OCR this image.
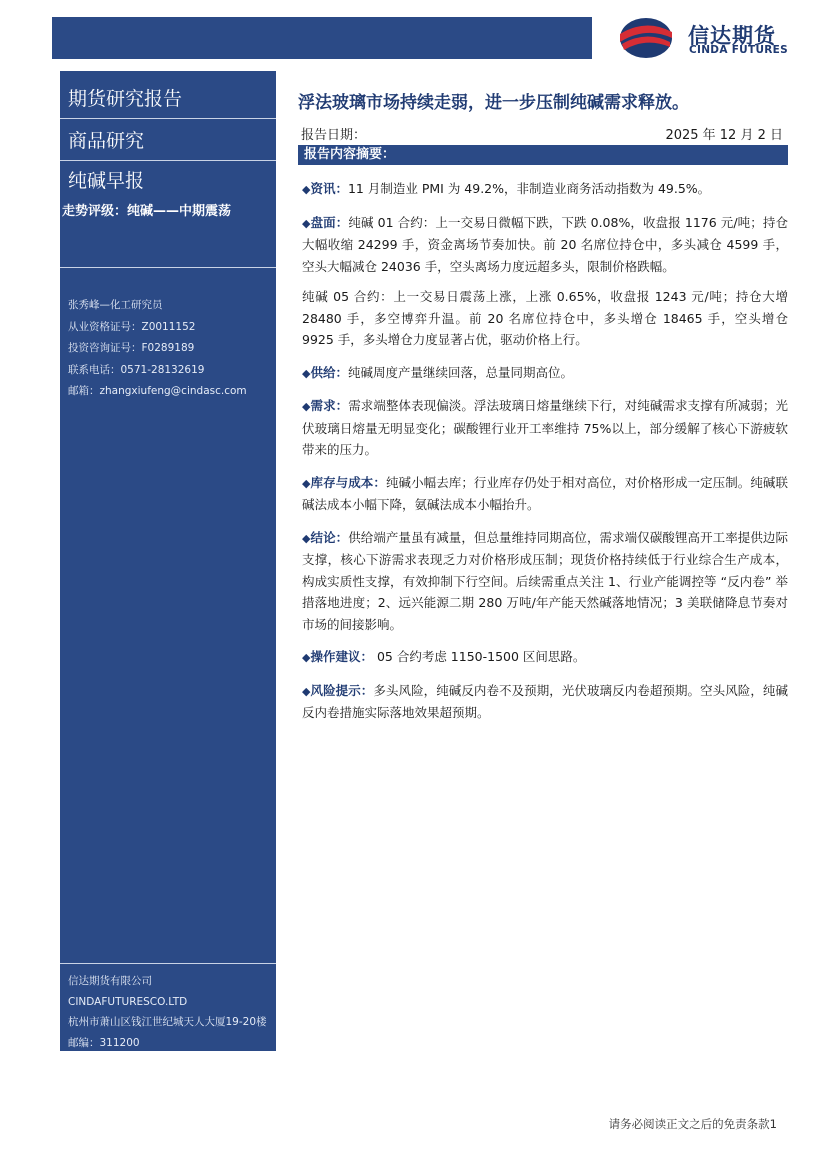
信达期货
CINDA FUTURES
期货研究报告
商品研究
纯碱早报
走势评级：纯碱——中期震荡
张秀峰—化工研究员
从业资格证号：Z0011152
投资咨询证号：F0289189
联系电话：0571-28132619
邮箱：zhangxiufeng@cindasc.com
信达期货有限公司
CINDAFUTURESCO.LTD
杭州市萧山区钱江世纪城天人大厦19-20楼
邮编：311200
浮法玻璃市场持续走弱，进一步压制纯碱需求释放。
报告日期：	2025 年 12 月 2 日
报告内容摘要：

◆资讯：11 月制造业 PMI 为 49.2%，非制造业商务活动指数为 49.5%。

◆盘面：纯碱 01 合约：上一交易日微幅下跌，下跌 0.08%，收盘报 1176 元/吨；持仓大幅收缩 24299 手，资金离场节奏加快。前 20 名席位持仓中，多头减仓 4599 手，空头大幅减仓 24036 手，空头离场力度远超多头，限制价格跌幅。

纯碱 05 合约：上一交易日震荡上涨，上涨 0.65%，收盘报 1243 元/吨；持仓大增 28480 手，多空博弈升温。前 20 名席位持仓中，多头增仓 18465 手，空头增仓 9925 手，多头增仓力度显著占优，驱动价格上行。

◆供给：纯碱周度产量继续回落，总量同期高位。

◆需求：需求端整体表现偏淡。浮法玻璃日熔量继续下行，对纯碱需求支撑有所减弱；光伏玻璃日熔量无明显变化；碳酸锂行业开工率维持 75%以上，部分缓解了核心下游疲软带来的压力。

◆库存与成本：纯碱小幅去库；行业库存仍处于相对高位，对价格形成一定压制。纯碱联碱法成本小幅下降，氨碱法成本小幅抬升。

◆结论：供给端产量虽有减量，但总量维持同期高位，需求端仅碳酸锂高开工率提供边际支撑，核心下游需求表现乏力对价格形成压制；现货价格持续低于行业综合生产成本，构成实质性支撑，有效抑制下行空间。后续需重点关注 1、行业产能调控等 “反内卷” 举措落地进度；2、远兴能源二期 280 万吨/年产能天然碱落地情况；3 美联储降息节奏对市场的间接影响。

◆操作建议： 05 合约考虑 1150-1500 区间思路。

◆风险提示：多头风险，纯碱反内卷不及预期，光伏玻璃反内卷超预期。空头风险，纯碱反内卷措施实际落地效果超预期。

请务必阅读正文之后的免责条款1
